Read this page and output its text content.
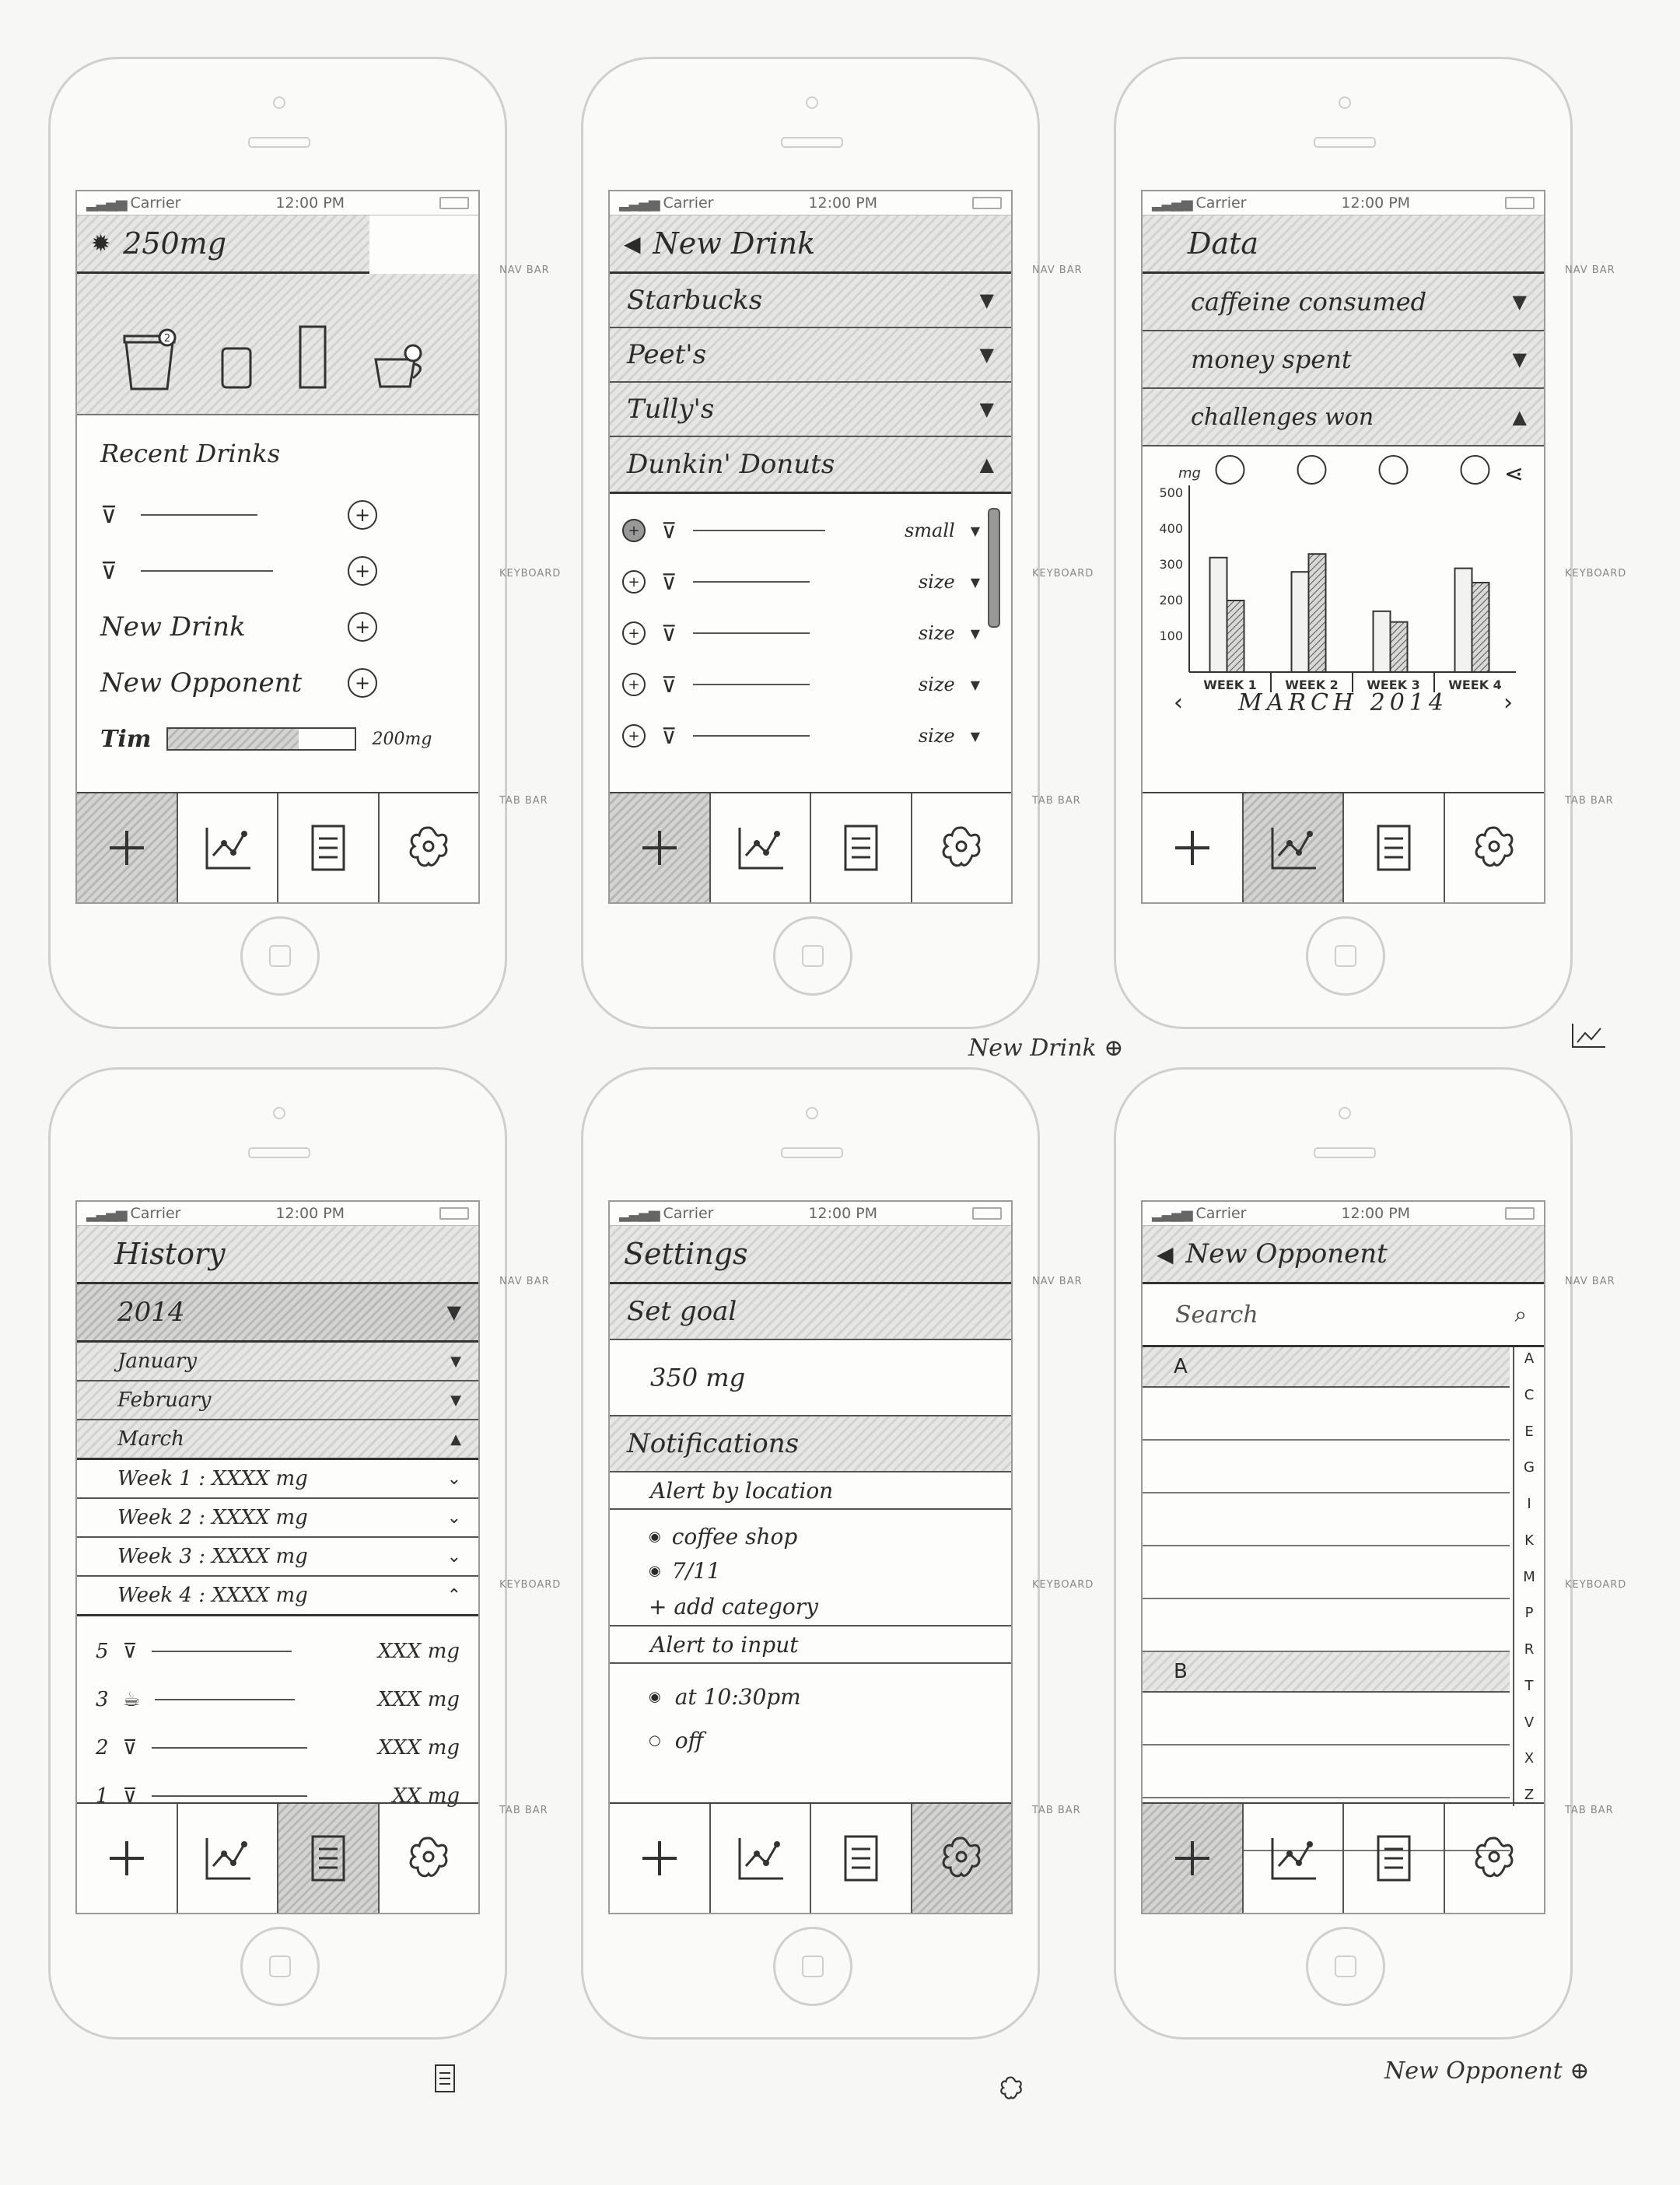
▂▃▄▅ Carrier	12:00 PM
✹ 250mg
2
Recent Drinks
⊽	+
⊽	+
New Drink	+
New Opponent	+
Tim	200mg
NAV BAR
KEYBOARD
TAB BAR
▂▃▄▅ Carrier	12:00 PM
◀ New Drink
Starbucks	▼
Peet's	▼
Tully's	▼
Dunkin' Donuts	▲
+ ⊽	small ▼
+ ⊽	size ▼
+ ⊽	size ▼
+ ⊽	size ▼
+ ⊽	size ▼
NAV BAR
KEYBOARD
TAB BAR
New Drink ⊕
▂▃▄▅ Carrier	12:00 PM
Data
caffeine consumed	▼
money spent	▼
challenges won	▲
mg
100
200
300
400
500
WEEK 1 WEEK 2 WEEK 3 WEEK 4
⋖
‹ MARCH 2014 ›
NAV BAR
KEYBOARD
TAB BAR
▂▃▄▅ Carrier	12:00 PM
History
2014	▼
January	▼
February	▼
March	▲
Week 1 : XXXX mg	⌄
Week 2 : XXXX mg	⌄
Week 3 : XXXX mg	⌄
Week 4 : XXXX mg	⌃
5 ⊽	XXX mg
3 ☕	XXX mg
2 ⊽	XXX mg
1 ⊽	XX mg
NAV BAR
KEYBOARD
TAB BAR
▂▃▄▅ Carrier	12:00 PM
Settings
Set goal
350 mg
Notifications
Alert by location
◉ coffee shop
◉ 7/11
+ add category
Alert to input
◉ at 10:30pm
○ off
NAV BAR
KEYBOARD
TAB BAR
▂▃▄▅ Carrier	12:00 PM
◀ New Opponent
Search	⌕
A
B
A
C
E
G
I
K
M
P
R
T
V
X
Z
NAV BAR
KEYBOARD
TAB BAR
New Opponent ⊕
